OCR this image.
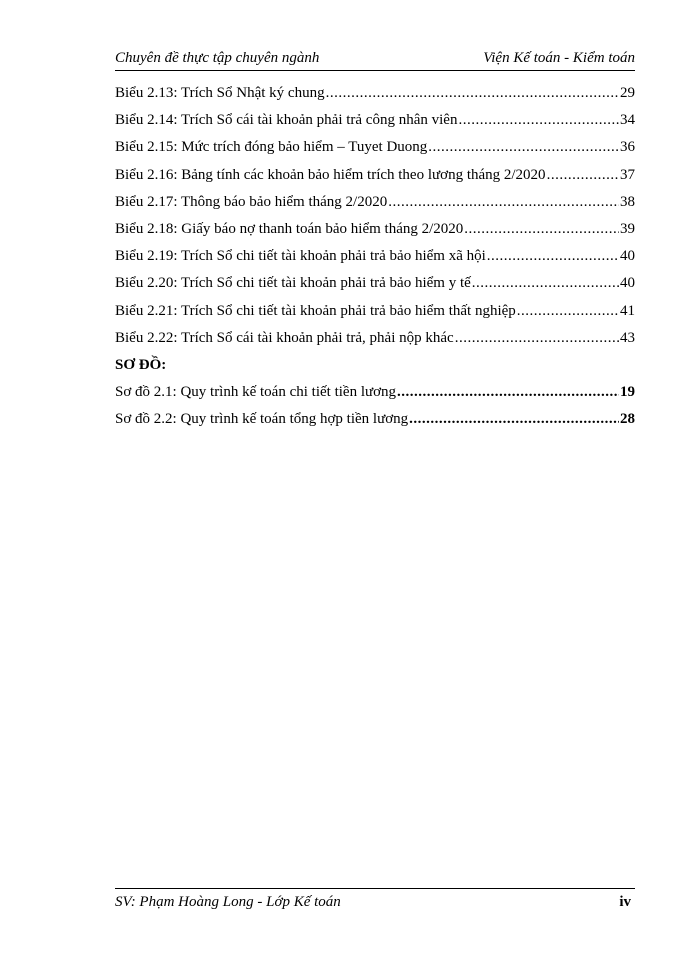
Chuyên đề thực tập chuyên ngành	Viện Kế toán - Kiểm toán
Biểu 2.13: Trích Sổ Nhật ký chung .....	29
Biểu 2.14: Trích Sổ cái tài khoản phải trả công nhân viên .....	34
Biểu 2.15: Mức trích đóng bảo hiểm – Tuyet Duong .....	36
Biểu 2.16: Bảng tính các khoản bảo hiểm trích theo lương tháng 2/2020 .....	37
Biểu 2.17: Thông báo bảo hiểm tháng 2/2020 .....	38
Biểu 2.18: Giấy báo nợ thanh toán bảo hiểm tháng 2/2020 .....	39
Biểu 2.19: Trích Sổ chi tiết tài khoản phải trả bảo hiểm xã hội .....	40
Biểu 2.20: Trích Sổ chi tiết tài khoản phải trả bảo hiểm y tế .....	40
Biểu 2.21: Trích Sổ chi tiết tài khoản phải trả bảo hiểm thất nghiệp .....	41
Biểu 2.22: Trích Sổ cái tài khoản phải trả, phải nộp khác .....	43
SƠ ĐỒ:
Sơ đồ 2.1: Quy trình kế toán chi tiết tiền lương .....	19
Sơ đồ 2.2: Quy trình kế toán tổng hợp tiền lương .....	28
SV: Phạm Hoàng Long - Lớp Kế toán	iv
